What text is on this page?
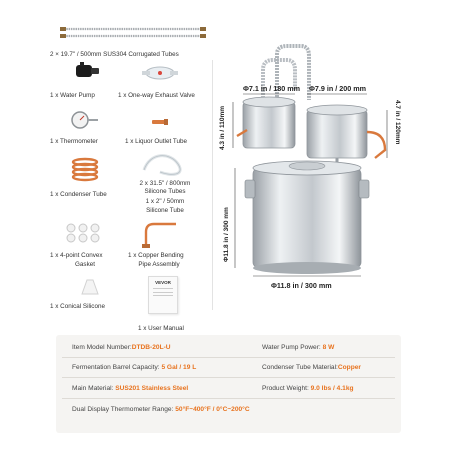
2 × 19.7" / 500mm SUS304 Corrugated Tubes
1 x Water Pump	1 x One-way Exhaust Valve
1 x Thermometer	1 x Liquor Outlet Tube
1 x Condenser Tube
2 x 31.5" / 800mm
Silicone Tubes
1 x 2" / 50mm
Silicone Tube
1 x 4-point Convex
Gasket
1 x Copper Bending
Pipe Assembly
1 x Conical Silicone
VEVOR
1 x User Manual
Φ7.1 in / 180 mm Φ7.9 in / 200 mm
4.3 in / 110mm	4.7 in / 120mm
Φ11.8 in / 300 mm
Φ11.8 in / 300 mm
Item Model Number:DTDB-20L-U	Water Pump Power: 8 W
Fermentation Barrel Capacity: 5 Gal / 19 L	Condenser Tube Material:Copper
Main Material: SUS201 Stainless Steel	Product Weight: 9.0 lbs / 4.1kg
Dual Display Thermometer Range: 50°F~400°F / 0°C~200°C
